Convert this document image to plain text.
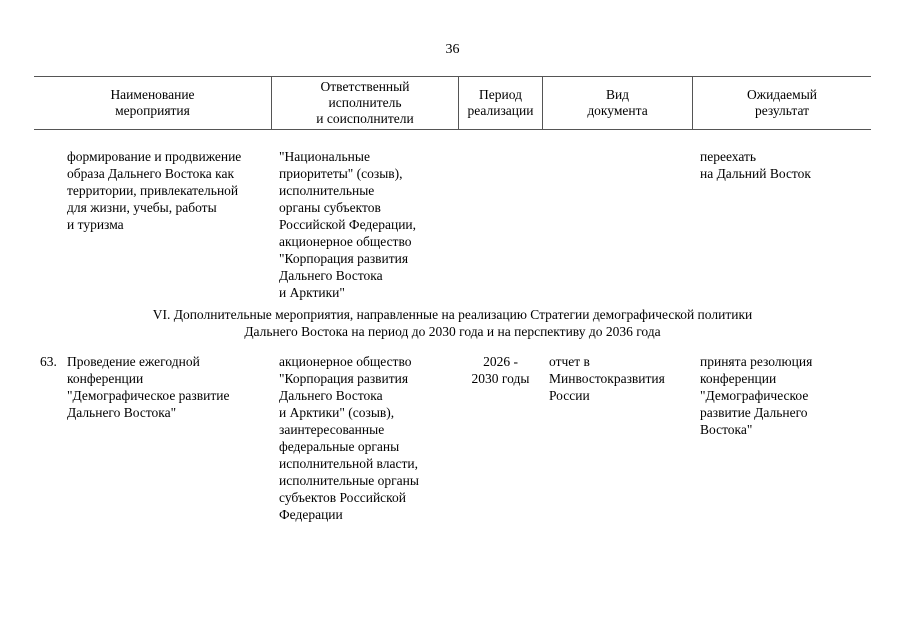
36
Наименование
мероприятия
Ответственный
исполнитель
и соисполнители
Период
реализации
Вид
документа
Ожидаемый
результат
формирование и продвижение
образа Дальнего Востока как
территории, привлекательной
для жизни, учебы, работы
и туризма
"Национальные
приоритеты" (созыв),
исполнительные
органы субъектов
Российской Федерации,
акционерное общество
"Корпорация развития
Дальнего Востока
и Арктики"
переехать
на Дальний Восток
VI. Дополнительные мероприятия, направленные на реализацию Стратегии демографической политики
Дальнего Востока на период до 2030 года и на перспективу до 2036 года
63. Проведение ежегодной
конференции
"Демографическое развитие
Дальнего Востока"
акционерное общество
"Корпорация развития
Дальнего Востока
и Арктики" (созыв),
заинтересованные
федеральные органы
исполнительной власти,
исполнительные органы
субъектов Российской
Федерации
2026 -
2030 годы
отчет в
Минвостокразвития
России
принята резолюция
конференции
"Демографическое
развитие Дальнего
Востока"
